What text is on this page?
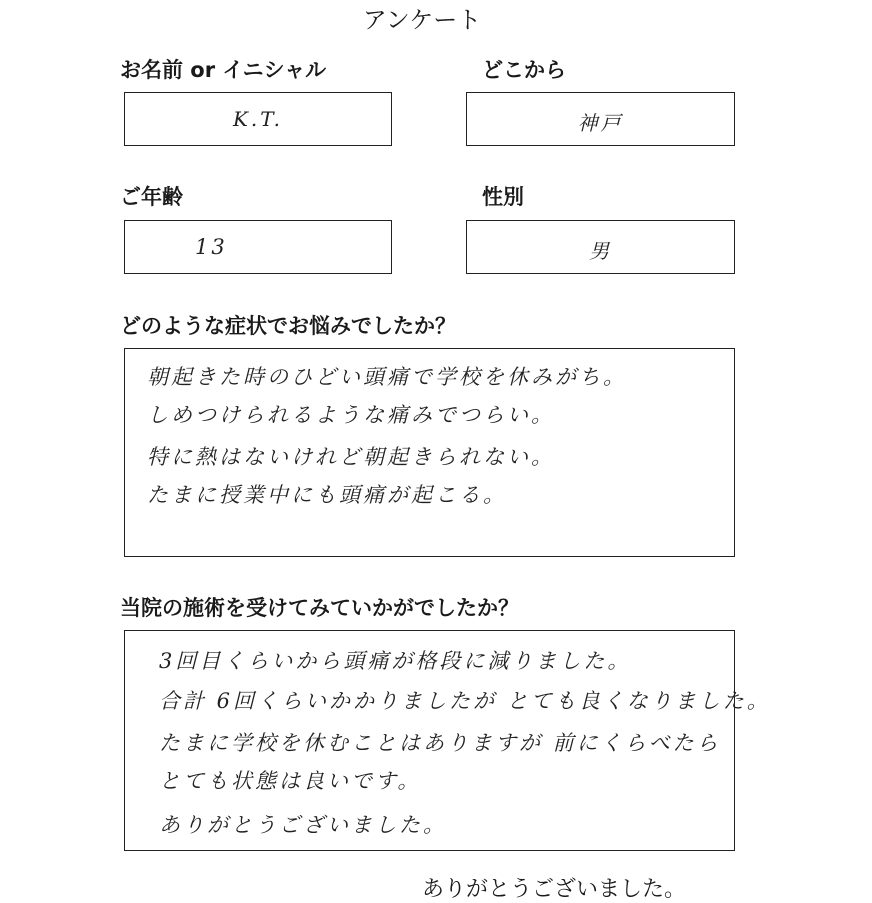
アンケート
お名前 or イニシャル
K.T.
どこから
神戸
ご年齢
13
性別
男
どのような症状でお悩みでしたか？
朝起きた時のひどい頭痛で学校を休みがち。
しめつけられるような痛みでつらい。
特に熱はないけれど朝起きられない。
たまに授業中にも頭痛が起こる。
当院の施術を受けてみていかがでしたか？
3回目くらいから頭痛が格段に減りました。
合計 6回くらいかかりましたが とても良くなりました。
たまに学校を休むことはありますが 前にくらべたら
とても状態は良いです。
ありがとうございました。
ありがとうございました。
